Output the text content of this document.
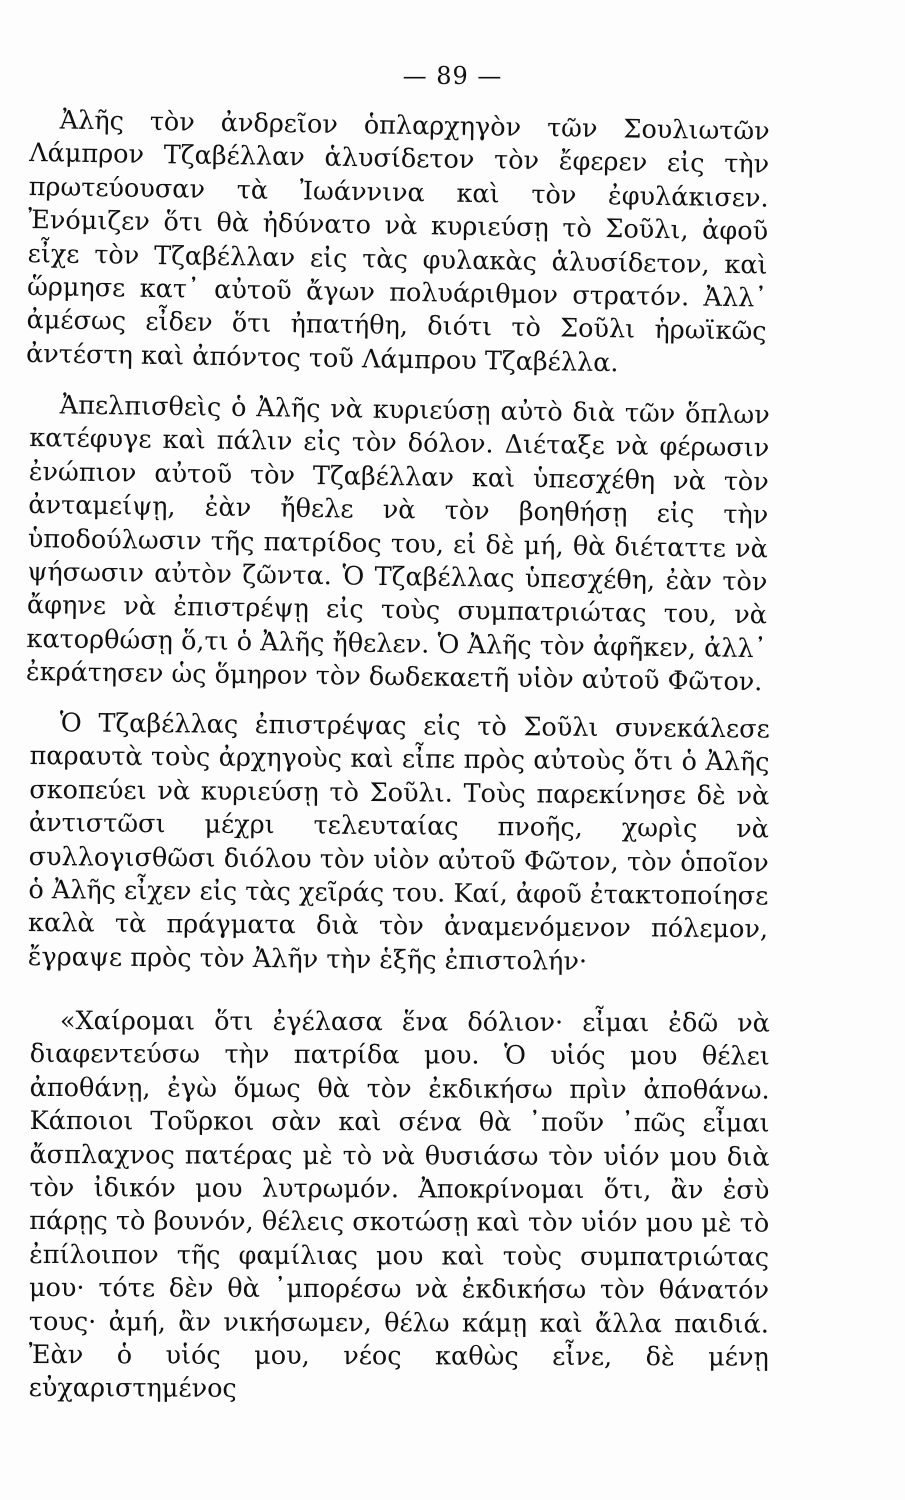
— 89 —

Ἀλῆς τὸν ἀνδρεῖον ὁπλαρχηγὸν τῶν Σουλιωτῶν Λάμπρον Τζαβέλλαν ἁλυσίδετον τὸν ἔφερεν εἰς τὴν πρωτεύουσαν τὰ Ἰωάννινα καὶ τὸν ἐφυλάκισεν. Ἐνόμιζεν ὅτι θὰ ἠδύνατο νὰ κυριεύσῃ τὸ Σοῦλι, ἀφοῦ εἶχε τὸν Τζαβέλλαν εἰς τὰς φυλακὰς ἁλυσίδετον, καὶ ὥρμησε κατ᾽ αὐτοῦ ἄγων πολυάριθμον στρατόν. Ἀλλ᾽ ἀμέσως εἶδεν ὅτι ἠπατήθη, διότι τὸ Σοῦλι ἡρωϊκῶς ἀντέστη καὶ ἀπόντος τοῦ Λάμπρου Τζαβέλλα.

Ἀπελπισθεὶς ὁ Ἀλῆς νὰ κυριεύσῃ αὐτὸ διὰ τῶν ὅπλων κατέφυγε καὶ πάλιν εἰς τὸν δόλον. Διέταξε νὰ φέρωσιν ἐνώπιον αὐτοῦ τὸν Τζαβέλλαν καὶ ὑπεσχέθη νὰ τὸν ἀνταμείψῃ, ἐὰν ἤθελε νὰ τὸν βοηθήσῃ εἰς τὴν ὑποδούλωσιν τῆς πατρίδος του, εἰ δὲ μή, θὰ διέταττε νὰ ψήσωσιν αὐτὸν ζῶντα. Ὁ Τζαβέλλας ὑπεσχέθη, ἐὰν τὸν ἄφηνε νὰ ἐπιστρέψῃ εἰς τοὺς συμπατριώτας του, νὰ κατορθώσῃ ὅ,τι ὁ Ἀλῆς ἤθελεν. Ὁ Ἀλῆς τὸν ἀφῆκεν, ἀλλ᾽ ἐκράτησεν ὡς ὅμηρον τὸν δωδεκαετῆ υἱὸν αὐτοῦ Φῶτον.

Ὁ Τζαβέλλας ἐπιστρέψας εἰς τὸ Σοῦλι συνεκάλεσε παραυτὰ τοὺς ἀρχηγοὺς καὶ εἶπε πρὸς αὐτοὺς ὅτι ὁ Ἀλῆς σκοπεύει νὰ κυριεύσῃ τὸ Σοῦλι. Τοὺς παρεκίνησε δὲ νὰ ἀντιστῶσι μέχρι τελευταίας πνοῆς, χωρὶς νὰ συλλογισθῶσι διόλου τὸν υἱὸν αὐτοῦ Φῶτον, τὸν ὁποῖον ὁ Ἀλῆς εἶχεν εἰς τὰς χεῖράς του. Καί, ἀφοῦ ἐτακτοποίησε καλὰ τὰ πράγματα διὰ τὸν ἀναμενόμενον πόλεμον, ἔγραψε πρὸς τὸν Ἀλῆν τὴν ἑξῆς ἐπιστολήν·

«Χαίρομαι ὅτι ἐγέλασα ἕνα δόλιον· εἶμαι ἐδῶ νὰ διαφεντεύσω τὴν πατρίδα μου. Ὁ υἱός μου θέλει ἀποθάνῃ, ἐγὼ ὅμως θὰ τὸν ἐκδικήσω πρὶν ἀποθάνω. Κάποιοι Τοῦρκοι σὰν καὶ σένα θὰ ᾽ποῦν ᾽πῶς εἶμαι ἄσπλαχνος πατέρας μὲ τὸ νὰ θυσιάσω τὸν υἱόν μου διὰ τὸν ἰδικόν μου λυτρωμόν. Ἀποκρίνομαι ὅτι, ἂν ἐσὺ πάρῃς τὸ βουνόν, θέλεις σκοτώσῃ καὶ τὸν υἱόν μου μὲ τὸ ἐπίλοιπον τῆς φαμίλιας μου καὶ τοὺς συμπατριώτας μου· τότε δὲν θὰ ᾽μπορέσω νὰ ἐκδικήσω τὸν θάνατόν τους· ἀμή, ἂν νικήσωμεν, θέλω κάμῃ καὶ ἄλλα παιδιά. Ἐὰν ὁ υἱός μου, νέος καθὼς εἶνε, δὲ μένῃ εὐχαριστημένος
